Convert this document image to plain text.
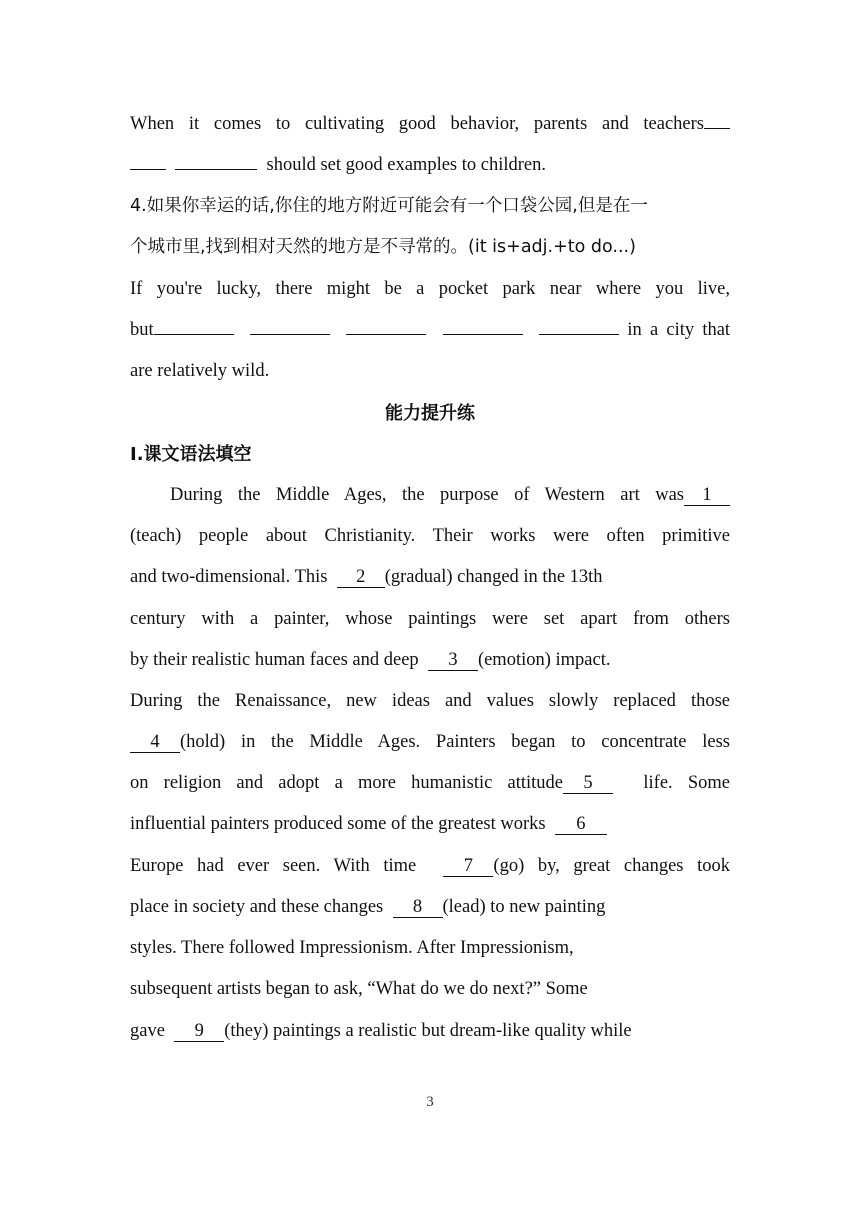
When it comes to cultivating good behavior, parents and teachers
should set good examples to children.
4.如果你幸运的话,你住的地方附近可能会有一个口袋公园,但是在一
个城市里,找到相对天然的地方是不寻常的。(it is+adj.+to do...)
If you're lucky, there might be a pocket park near where you live,
but	in a city that
are relatively wild.
能力提升练
Ⅰ.课文语法填空
During the Middle Ages, the purpose of Western art was 1
(teach) people about Christianity. Their works were often primitive
and two-dimensional. This 2 (gradual) changed in the 13th
century with a painter, whose paintings were set apart from others
by their realistic human faces and deep 3 (emotion) impact.
During the Renaissance, new ideas and values slowly replaced those
4 (hold) in the Middle Ages. Painters began to concentrate less
on religion and adopt a more humanistic attitude 5	life. Some
influential painters produced some of the greatest works 6
Europe had ever seen. With time	7 (go) by, great changes took
place in society and these changes 8 (lead) to new painting
styles. There followed Impressionism. After Impressionism,
subsequent artists began to ask, “What do we do next?” Some
gave 9 (they) paintings a realistic but dream-like quality while
3
